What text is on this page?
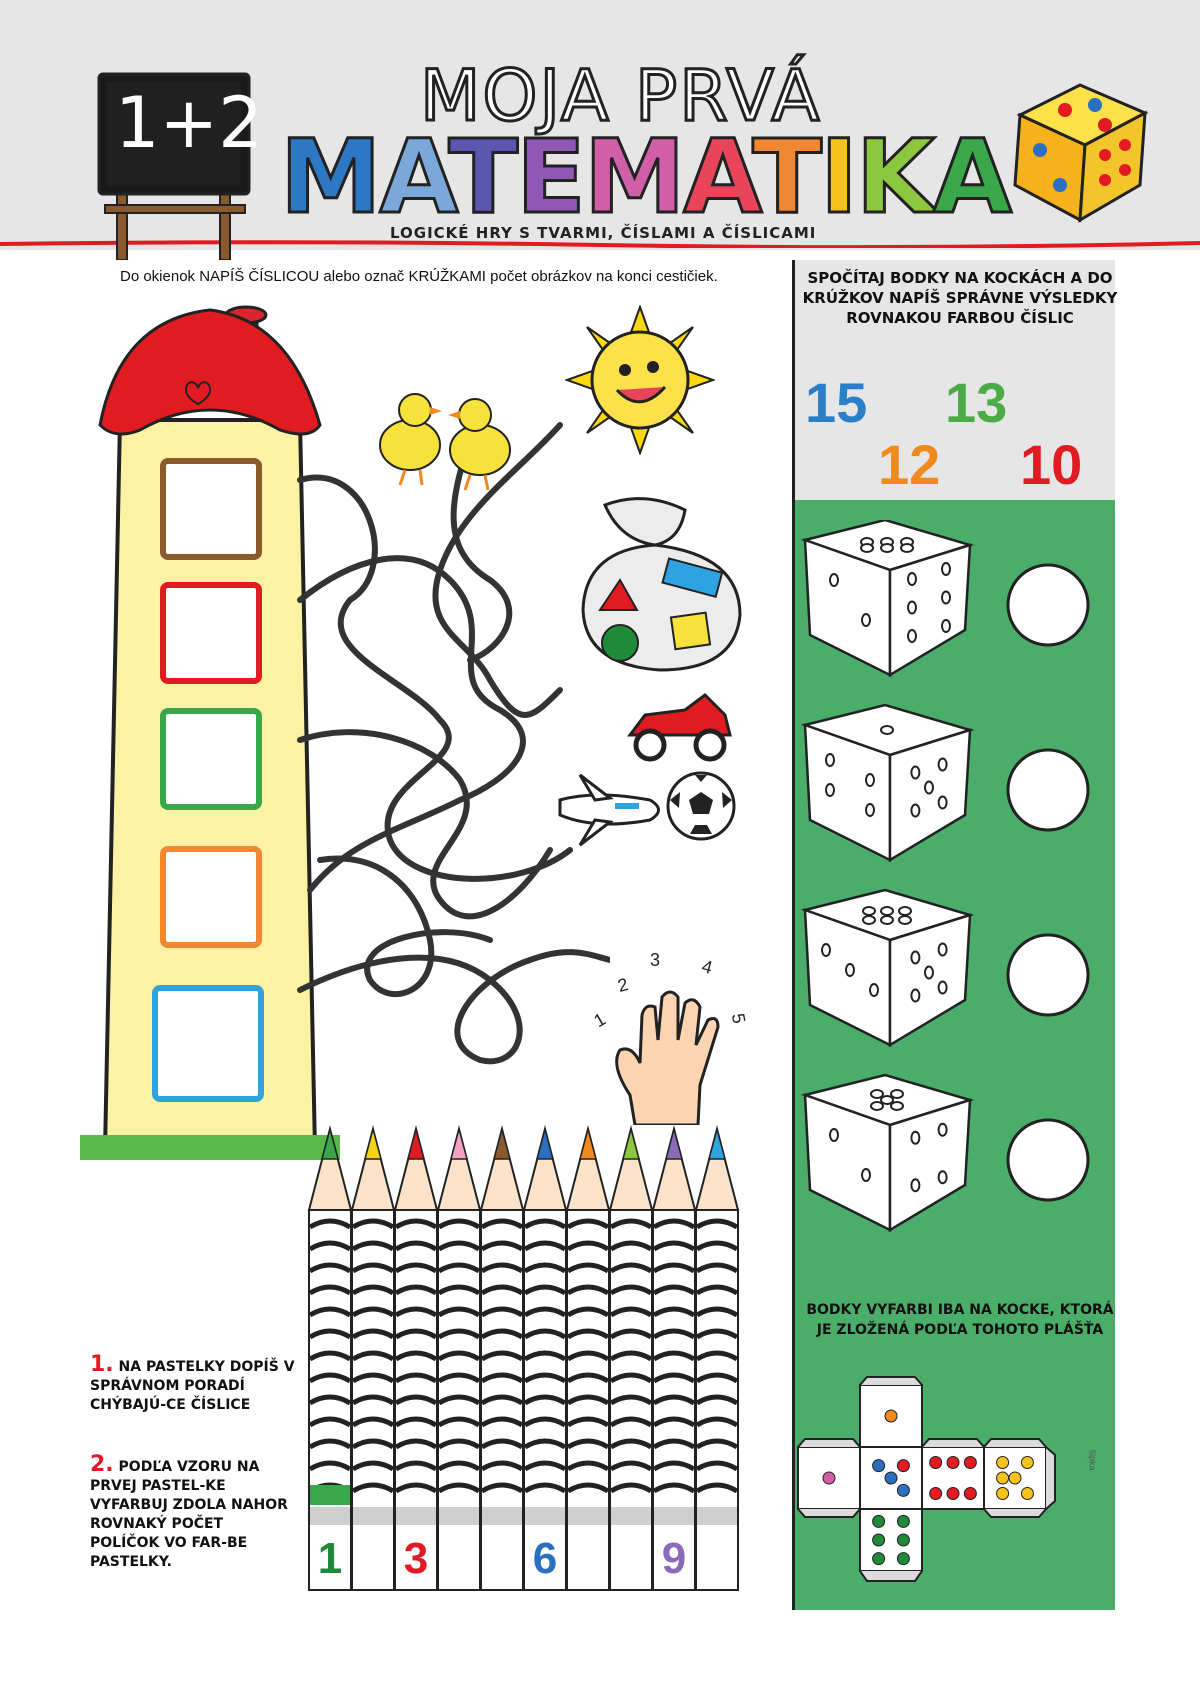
1+2 MOJA PRVÁ
MATEMATIKA
LOGICKÉ HRY S TVARMI, ČÍSLAMI A ČÍSLICAMI
Do okienok NAPÍŠ ČÍSLICOU alebo označ KRÚŽKAMI počet obrázkov na konci cestičiek.
1
2
3 4
5
1 3 6 9
1. NA PASTELKY DOPÍŠ V SPRÁVNOM PORADÍ CHÝBAJÚ-CE ČÍSLICE
2. PODĽA VZORU NA PRVEJ PASTEL-KE VYFARBUJ ZDOLA NAHOR ROVNAKÝ POČET POLÍČOK VO FAR-BE PASTELKY.
SPOČÍTAJ BODKY NA KOCKÁCH A DO KRÚŽKOV NAPÍŠ SPRÁVNE VÝSLEDKY ROVNAKOU FARBOU ČÍSLIC
15 13
12 10
BODKY VYFARBI IBA NA KOCKE, KTORÁ JE ZLOŽENÁ PODĽA TOHOTO PLÁŠŤA
šipka
